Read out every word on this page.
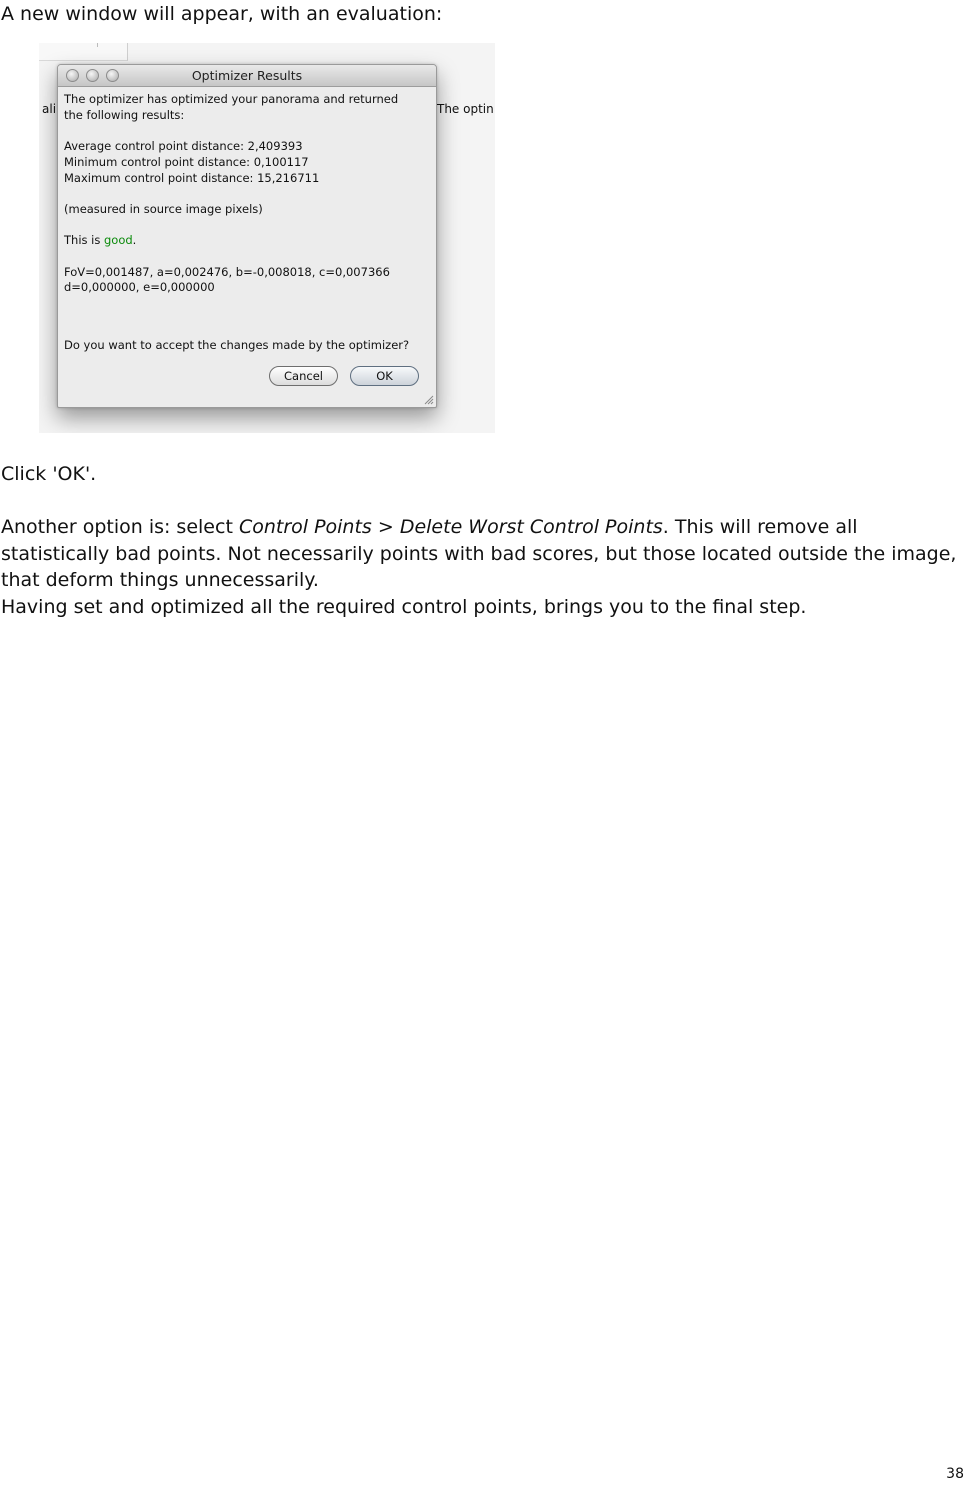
A new window will appear, with an evaluation:

ali	The optin
Optimizer Results

The optimizer has optimized your panorama and returned

the following results:

Average control point distance: 2,409393

Minimum control point distance: 0,100117

Maximum control point distance: 15,216711

(measured in source image pixels)

This is good.

FoV=0,001487, a=0,002476, b=-0,008018, c=0,007366

d=0,000000, e=0,000000

Do you want to accept the changes made by the optimizer?
Cancel	OK

Click 'OK'.

Another option is: select Control Points > Delete Worst Control Points. This will remove all statistically bad points. Not necessarily points with bad scores, but those located outside the image, that deform things unnecessarily.

Having set and optimized all the required control points, brings you to the final step.

38
